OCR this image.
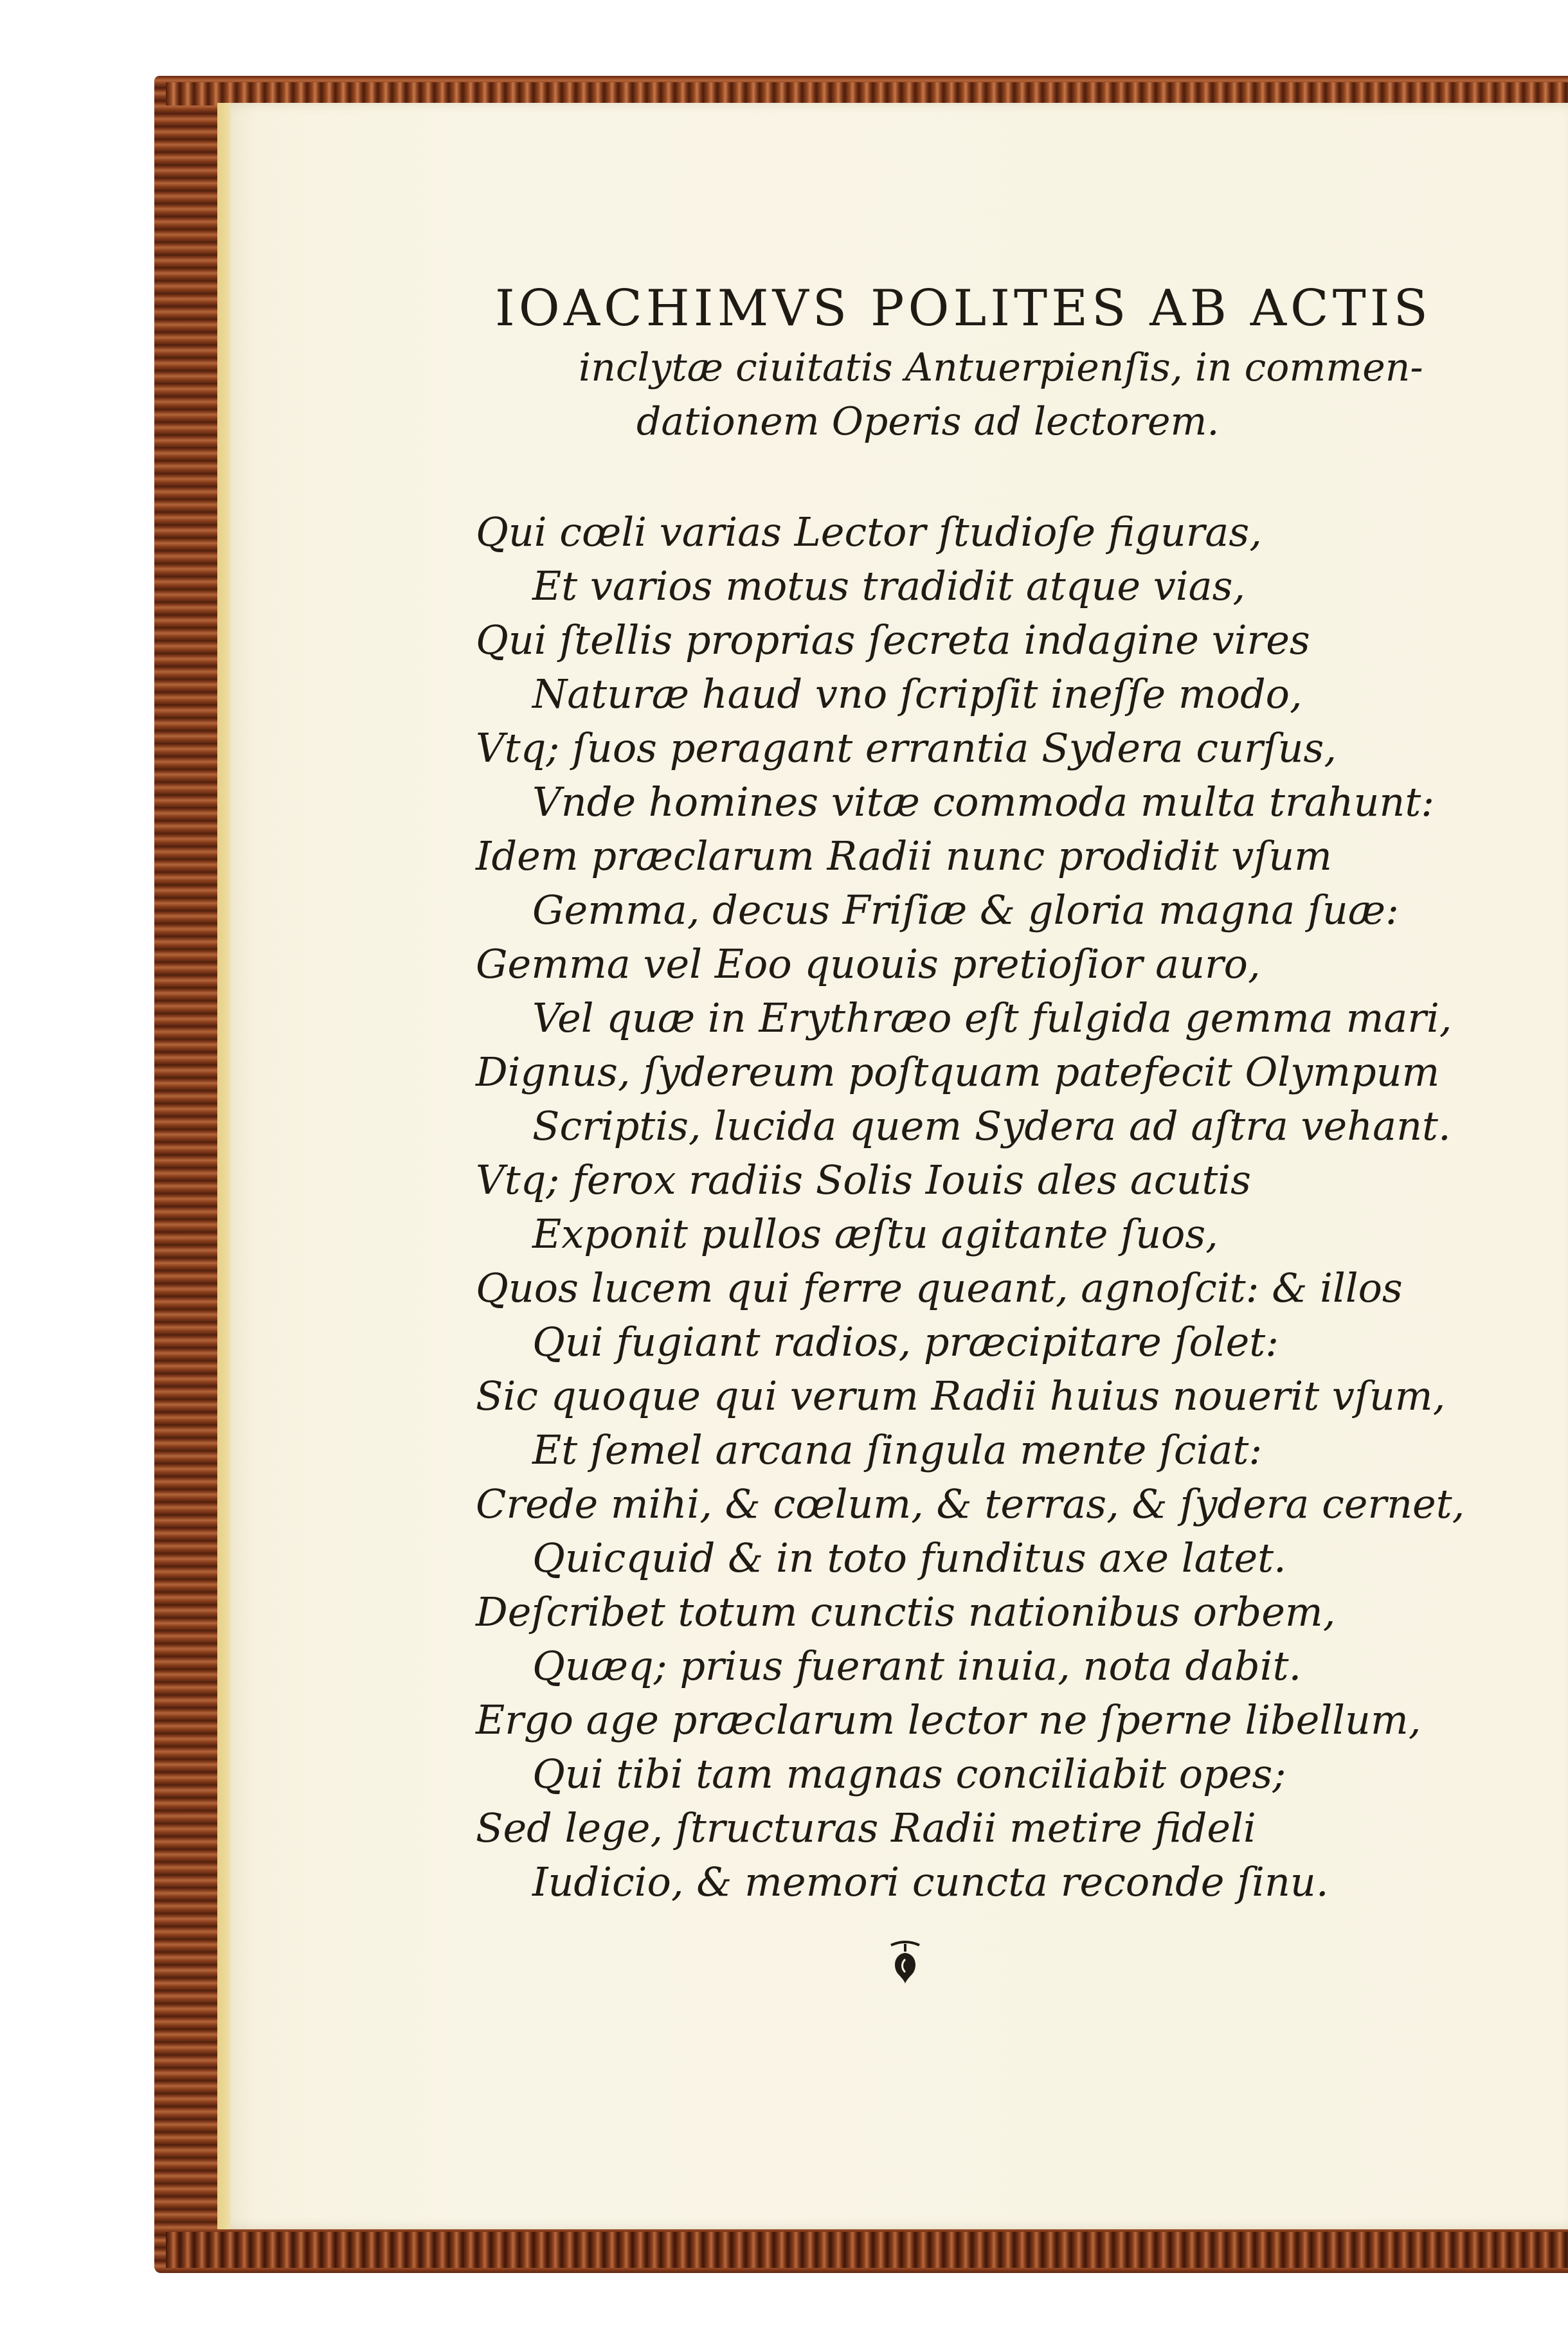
IOACHIMVS POLITES AB ACTIS
inclytæ ciuitatis Antuerpienſis, in commen-
dationem Operis ad lectorem.
Qui cœli varias Lector ſtudioſe figuras,
Et varios motus tradidit atque vias,
Qui ſtellis proprias ſecreta indagine vires
Naturæ haud vno ſcripſit ineſſe modo,
Vtq; ſuos peragant errantia Sydera curſus,
Vnde homines vitæ commoda multa trahunt:
Idem præclarum Radii nunc prodidit vſum
Gemma, decus Friſiæ & gloria magna ſuæ:
Gemma vel Eoo quouis pretioſior auro,
Vel quæ in Erythræo eſt fulgida gemma mari,
Dignus, ſydereum poſtquam patefecit Olympum
Scriptis, lucida quem Sydera ad aſtra vehant.
Vtq; ferox radiis Solis Iouis ales acutis
Exponit pullos æſtu agitante ſuos,
Quos lucem qui ferre queant, agnoſcit: & illos
Qui fugiant radios, præcipitare ſolet:
Sic quoque qui verum Radii huius nouerit vſum,
Et ſemel arcana ſingula mente ſciat:
Crede mihi, & cœlum, & terras, & ſydera cernet,
Quicquid & in toto funditus axe latet.
Deſcribet totum cunctis nationibus orbem,
Quæq; prius fuerant inuia, nota dabit.
Ergo age præclarum lector ne ſperne libellum,
Qui tibi tam magnas conciliabit opes;
Sed lege, ſtructuras Radii metire fideli
Iudicio, & memori cuncta reconde ſinu.
